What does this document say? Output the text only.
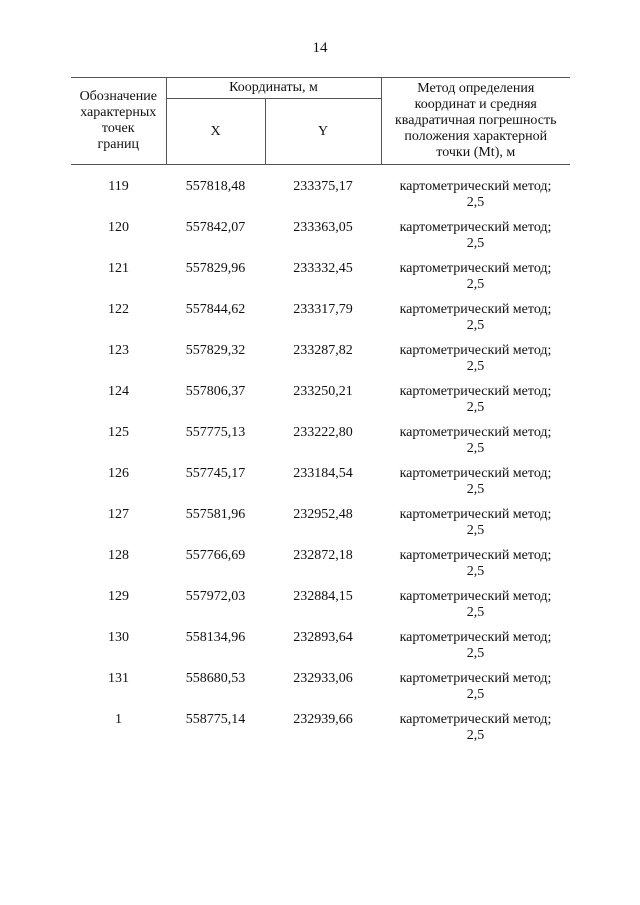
14
Обозначение
характерных
точек
границ	Координаты, м		Метод определения
координат и средняя
квадратичная погрешность
положения характерной
точки (Mt), м
	X	Y	

119	557818,48	233375,17	картометрический метод;
2,5
120	557842,07	233363,05	картометрический метод;
2,5
121	557829,96	233332,45	картометрический метод;
2,5
122	557844,62	233317,79	картометрический метод;
2,5
123	557829,32	233287,82	картометрический метод;
2,5
124	557806,37	233250,21	картометрический метод;
2,5
125	557775,13	233222,80	картометрический метод;
2,5
126	557745,17	233184,54	картометрический метод;
2,5
127	557581,96	232952,48	картометрический метод;
2,5
128	557766,69	232872,18	картометрический метод;
2,5
129	557972,03	232884,15	картометрический метод;
2,5
130	558134,96	232893,64	картометрический метод;
2,5
131	558680,53	232933,06	картометрический метод;
2,5
1	558775,14	232939,66	картометрический метод;
2,5
